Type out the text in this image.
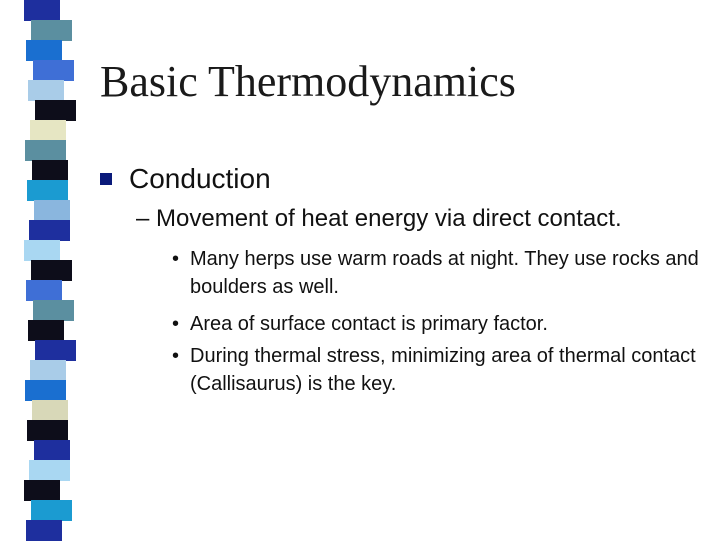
Basic Thermodynamics
Conduction
– Movement of heat energy via direct contact.
• Many herps use warm roads at night. They use rocks and boulders as well.
• Area of surface contact is primary factor.
• During thermal stress, minimizing area of thermal contact (Callisaurus) is the key.
